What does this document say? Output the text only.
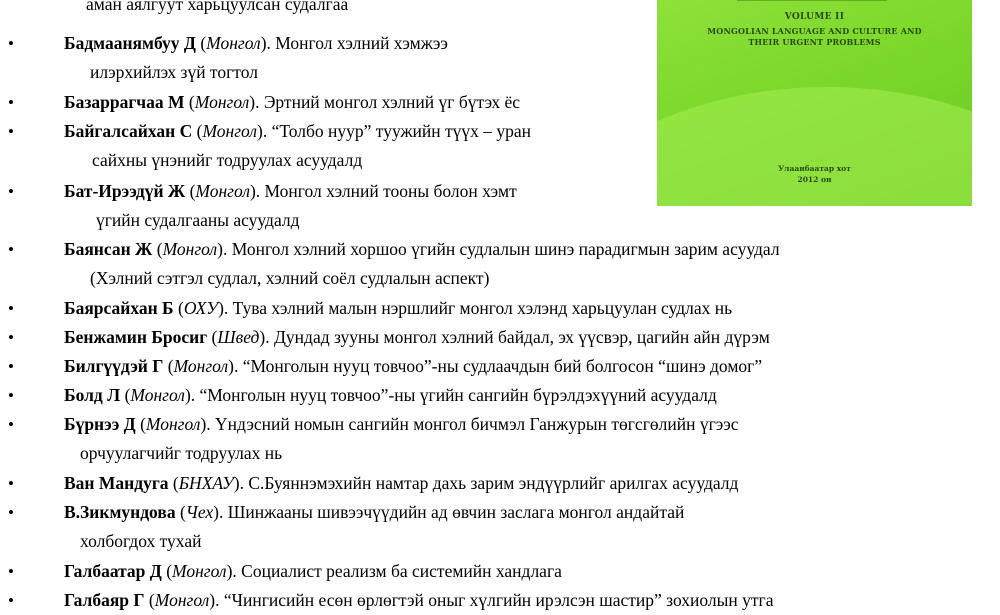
аман аялгуут харьцуулсан судалгаа
•	Бадмаанямбуу Д (Монгол). Монгол хэлний хэмжээ
илэрхийлэх зүй тогтол
•	Базаррагчаа М (Монгол). Эртний монгол хэлний үг бүтэх ёс
•	Байгалсайхан С (Монгол). “Толбо нуур” туужийн түүх – уран
сайхны үнэнийг тодруулах асуудалд
•	Бат-Ирээдүй Ж (Монгол). Монгол хэлний тооны болон хэмт
үгийн судалгааны асуудалд
•	Баянсан Ж (Монгол). Монгол хэлний хоршоо үгийн судлалын шинэ парадигмын зарим асуудал
(Хэлний сэтгэл судлал, хэлний соёл судлалын аспект)
•	Баярсайхан Б (ОХУ). Тува хэлний малын нэршлийг монгол хэлэнд харьцуулан судлах нь
•	Бенжамин Бросиг (Швед). Дундад зууны монгол хэлний байдал, эх үүсвэр, цагийн айн дүрэм
•	Билгүүдэй Г (Монгол). “Монголын нууц товчоо”-ны судлаачдын бий болгосон “шинэ домог”
•	Болд Л (Монгол). “Монголын нууц товчоо”-ны үгийн сангийн бүрэлдэхүүний асуудалд
•	Бүрнээ Д (Монгол). Үндэсний номын сангийн монгол бичмэл Ганжурын төгсгөлийн үгээс
орчуулагчийг тодруулах нь
•	Ван Мандуга (БНХАУ). С.Буяннэмэхийн намтар дахь зарим эндүүрлийг арилгах асуудалд
•	В.Зикмундова (Чех). Шинжааны шивээчүүдийн ад өвчин заслага монгол андайтай
холбогдох тухай
•	Галбаатар Д (Монгол). Социалист реализм ба системийн хандлага
•	Галбаяр Г (Монгол). “Чингисийн есөн өрлөгтэй оныг хүлгийн ирэлсэн шастир” зохиолын утга
VOLUME II
MONGOLIAN LANGUAGE AND CULTURE AND
THEIR URGENT PROBLEMS
Улаанбаатар хот
2012 он
